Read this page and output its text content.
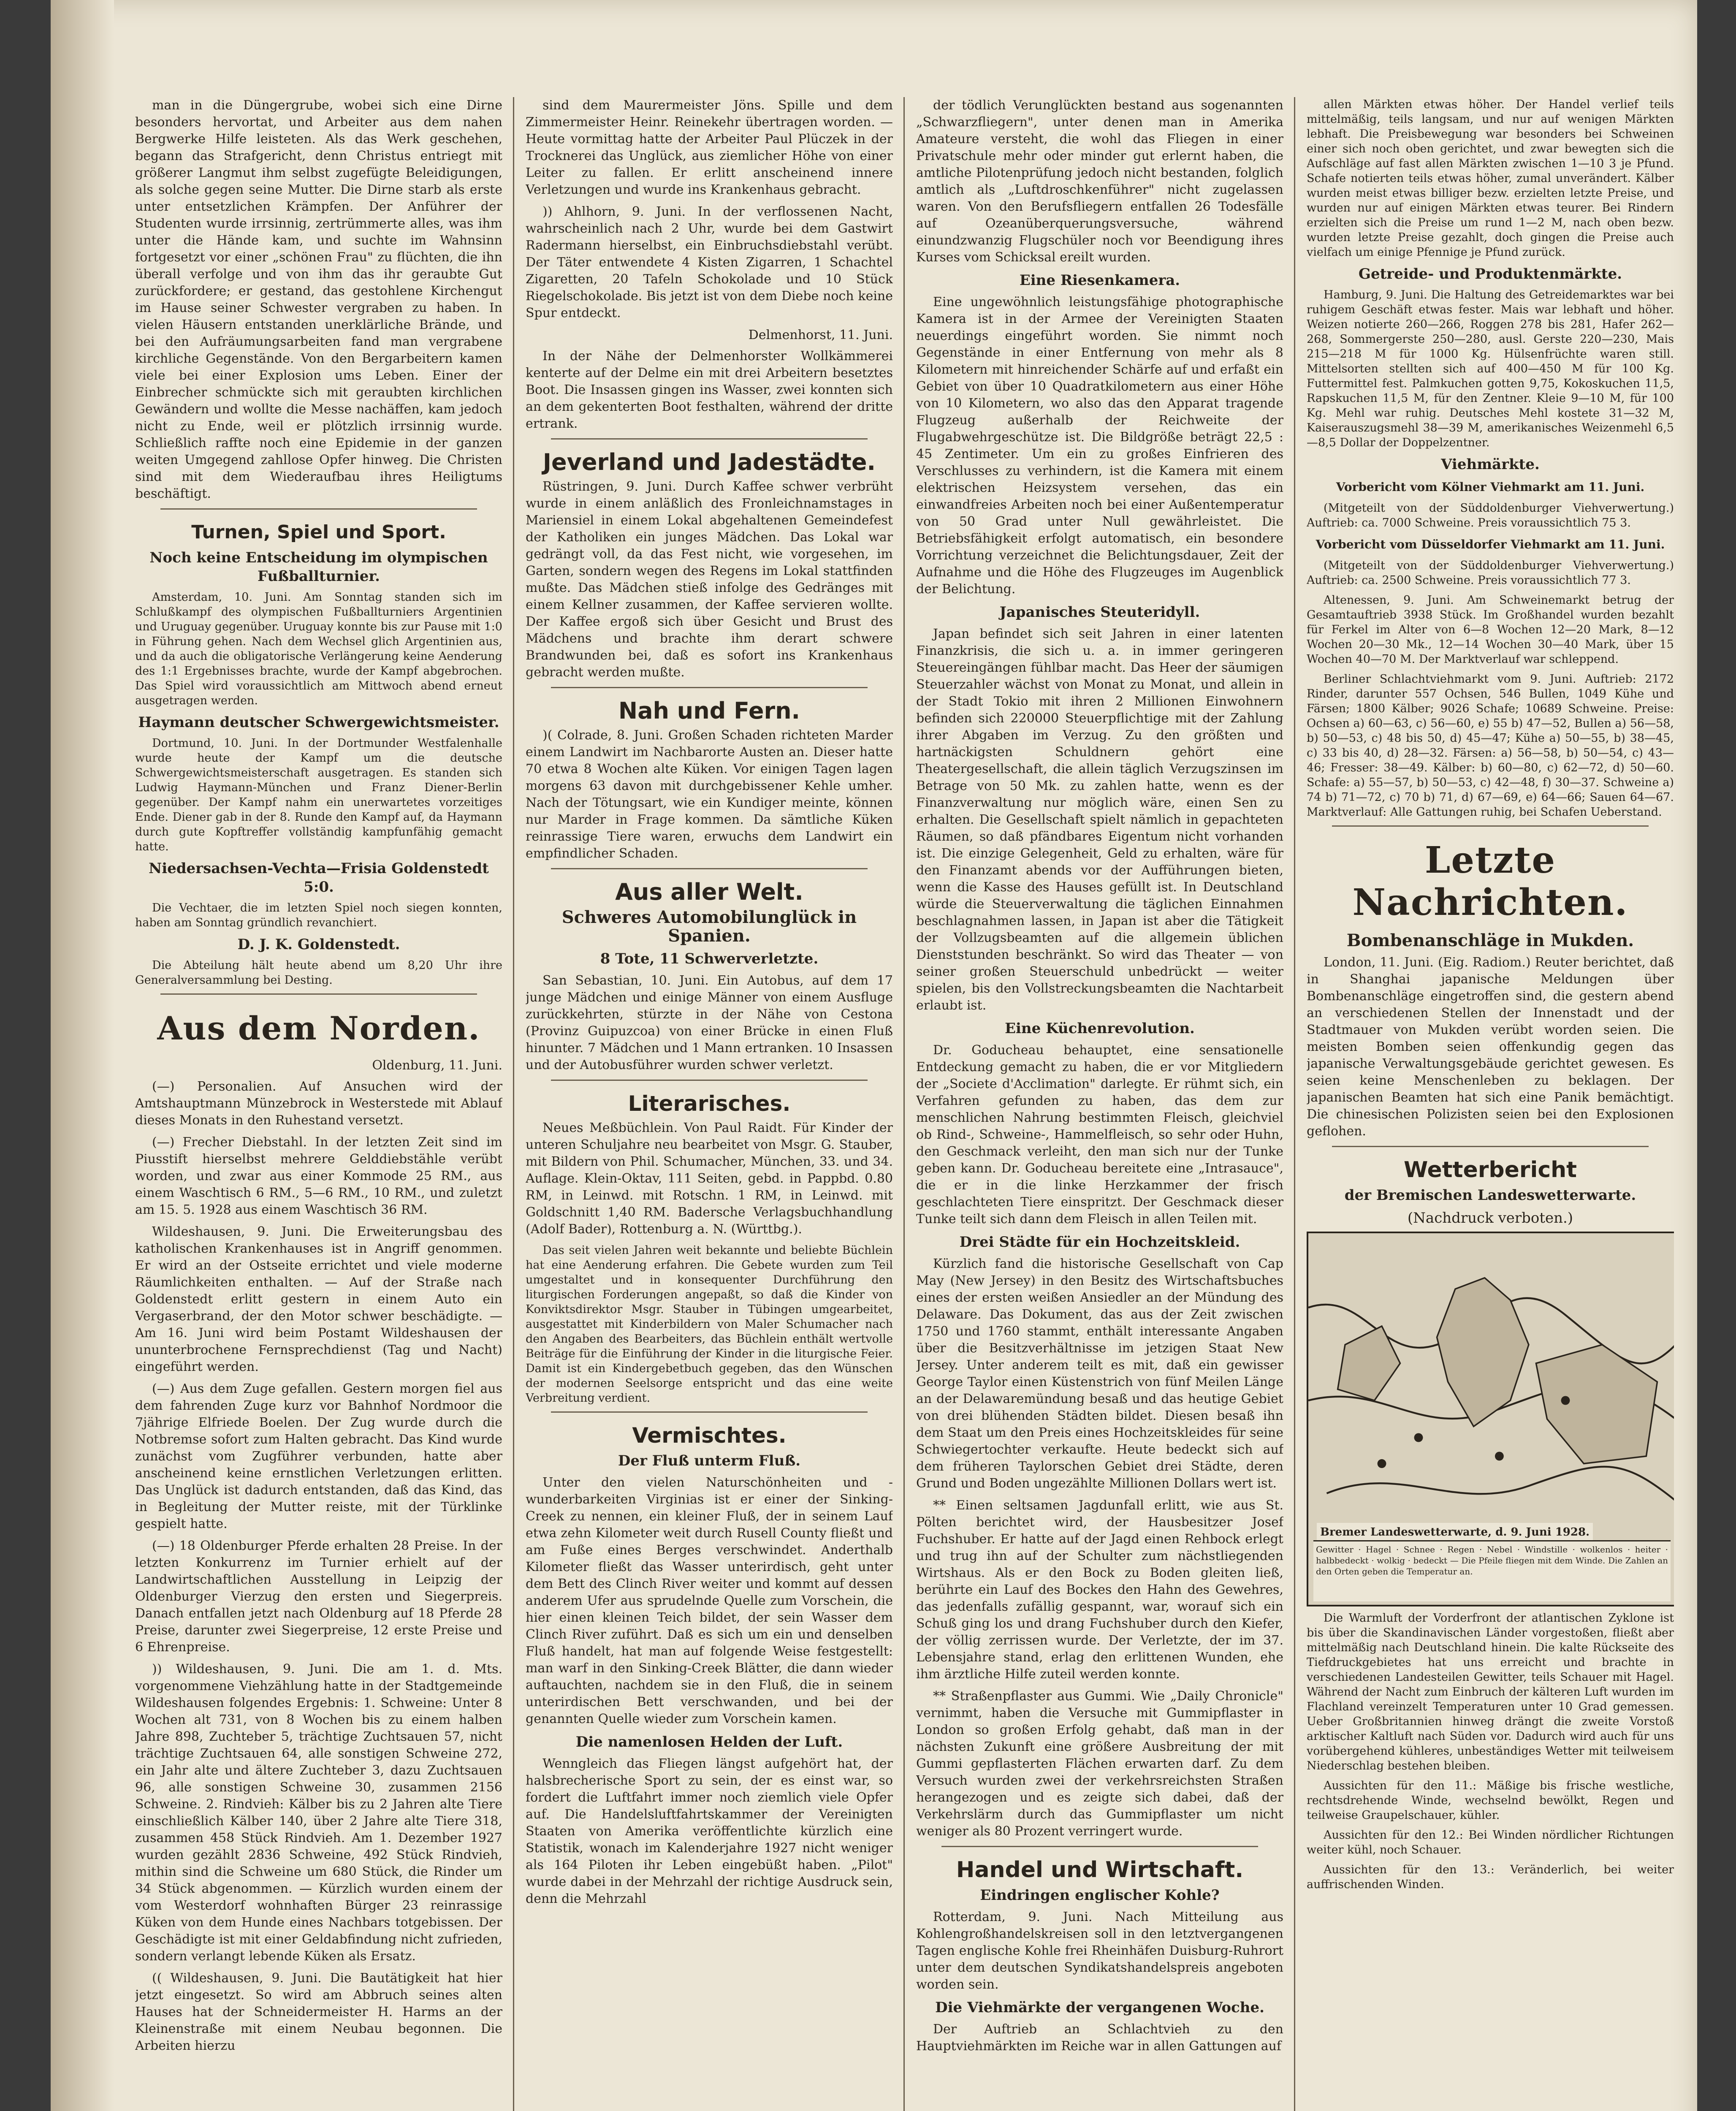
man in die Düngergrube, wobei sich eine Dirne besonders hervortat, und Arbeiter aus dem nahen Bergwerke Hilfe leisteten. Als das Werk geschehen, begann das Strafgericht, denn Christus entriegt mit größerer Langmut ihm selbst zugefügte Beleidigungen, als solche gegen seine Mutter. Die Dirne starb als erste unter entsetzlichen Krämpfen. Der Anführer der Studenten wurde irrsinnig, zertrümmerte alles, was ihm unter die Hände kam, und suchte im Wahnsinn fortgesetzt vor einer „schönen Frau" zu flüchten, die ihn überall verfolge und von ihm das ihr geraubte Gut zurückfordere; er gestand, das gestohlene Kirchengut im Hause seiner Schwester vergraben zu haben. In vielen Häusern entstanden unerklärliche Brände, und bei den Aufräumungsarbeiten fand man vergrabene kirchliche Gegenstände. Von den Bergarbeitern kamen viele bei einer Explosion ums Leben. Einer der Einbrecher schmückte sich mit geraubten kirchlichen Gewändern und wollte die Messe nachäffen, kam jedoch nicht zu Ende, weil er plötzlich irrsinnig wurde. Schließlich raffte noch eine Epidemie in der ganzen weiten Umgegend zahllose Opfer hinweg. Die Christen sind mit dem Wiederaufbau ihres Heiligtums beschäftigt.

Turnen, Spiel und Sport.
Noch keine Entscheidung im olympischen Fußballturnier.

Amsterdam, 10. Juni. Am Sonntag standen sich im Schlußkampf des olympischen Fußballturniers Argentinien und Uruguay gegenüber. Uruguay konnte bis zur Pause mit 1:0 in Führung gehen. Nach dem Wechsel glich Argentinien aus, und da auch die obligatorische Verlängerung keine Aenderung des 1:1 Ergebnisses brachte, wurde der Kampf abgebrochen. Das Spiel wird voraussichtlich am Mittwoch abend erneut ausgetragen werden.

Haymann deutscher Schwergewichtsmeister.

Dortmund, 10. Juni. In der Dortmunder Westfalenhalle wurde heute der Kampf um die deutsche Schwergewichtsmeisterschaft ausgetragen. Es standen sich Ludwig Haymann-München und Franz Diener-Berlin gegenüber. Der Kampf nahm ein unerwartetes vorzeitiges Ende. Diener gab in der 8. Runde den Kampf auf, da Haymann durch gute Kopftreffer vollständig kampfunfähig gemacht hatte.

Niedersachsen-Vechta—Frisia Goldenstedt 5:0.

Die Vechtaer, die im letzten Spiel noch siegen konnten, haben am Sonntag gründlich revanchiert.

D. J. K. Goldenstedt.

Die Abteilung hält heute abend um 8,20 Uhr ihre Generalversammlung bei Desting.

Aus dem Norden.
Oldenburg, 11. Juni.

(—) Personalien. Auf Ansuchen wird der Amtshauptmann Münzebrock in Westerstede mit Ablauf dieses Monats in den Ruhestand versetzt.

(—) Frecher Diebstahl. In der letzten Zeit sind im Piusstift hierselbst mehrere Gelddiebstähle verübt worden, und zwar aus einer Kommode 25 RM., aus einem Waschtisch 6 RM., 5—6 RM., 10 RM., und zuletzt am 15. 5. 1928 aus einem Waschtisch 36 RM.

Wildeshausen, 9. Juni. Die Erweiterungsbau des katholischen Krankenhauses ist in Angriff genommen. Er wird an der Ostseite errichtet und viele moderne Räumlichkeiten enthalten. — Auf der Straße nach Goldenstedt erlitt gestern in einem Auto ein Vergaserbrand, der den Motor schwer beschädigte. — Am 16. Juni wird beim Postamt Wildeshausen der ununterbrochene Fernsprechdienst (Tag und Nacht) eingeführt werden.

(—) Aus dem Zuge gefallen. Gestern morgen fiel aus dem fahrenden Zuge kurz vor Bahnhof Nordmoor die 7jährige Elfriede Boelen. Der Zug wurde durch die Notbremse sofort zum Halten gebracht. Das Kind wurde zunächst vom Zugführer verbunden, hatte aber anscheinend keine ernstlichen Verletzungen erlitten. Das Unglück ist dadurch entstanden, daß das Kind, das in Begleitung der Mutter reiste, mit der Türklinke gespielt hatte.

(—) 18 Oldenburger Pferde erhalten 28 Preise. In der letzten Konkurrenz im Turnier erhielt auf der Landwirtschaftlichen Ausstellung in Leipzig der Oldenburger Vierzug den ersten und Siegerpreis. Danach entfallen jetzt nach Oldenburg auf 18 Pferde 28 Preise, darunter zwei Siegerpreise, 12 erste Preise und 6 Ehrenpreise.

)) Wildeshausen, 9. Juni. Die am 1. d. Mts. vorgenommene Viehzählung hatte in der Stadtgemeinde Wildeshausen folgendes Ergebnis: 1. Schweine: Unter 8 Wochen alt 731, von 8 Wochen bis zu einem halben Jahre 898, Zuchteber 5, trächtige Zuchtsauen 57, nicht trächtige Zuchtsauen 64, alle sonstigen Schweine 272, ein Jahr alte und ältere Zuchteber 3, dazu Zuchtsauen 96, alle sonstigen Schweine 30, zusammen 2156 Schweine. 2. Rindvieh: Kälber bis zu 2 Jahren alte Tiere einschließlich Kälber 140, über 2 Jahre alte Tiere 318, zusammen 458 Stück Rindvieh. Am 1. Dezember 1927 wurden gezählt 2836 Schweine, 492 Stück Rindvieh, mithin sind die Schweine um 680 Stück, die Rinder um 34 Stück abgenommen. — Kürzlich wurden einem der vom Westerdorf wohnhaften Bürger 23 reinrassige Küken von dem Hunde eines Nachbars totgebissen. Der Geschädigte ist mit einer Geldabfindung nicht zufrieden, sondern verlangt lebende Küken als Ersatz.

(( Wildeshausen, 9. Juni. Die Bautätigkeit hat hier jetzt eingesetzt. So wird am Abbruch seines alten Hauses hat der Schneidermeister H. Harms an der Kleinenstraße mit einem Neubau begonnen. Die Arbeiten hierzu

sind dem Maurermeister Jöns. Spille und dem Zimmermeister Heinr. Reinekehr übertragen worden. — Heute vormittag hatte der Arbeiter Paul Plüczek in der Trocknerei das Unglück, aus ziemlicher Höhe von einer Leiter zu fallen. Er erlitt anscheinend innere Verletzungen und wurde ins Krankenhaus gebracht.

)) Ahlhorn, 9. Juni. In der verflossenen Nacht, wahrscheinlich nach 2 Uhr, wurde bei dem Gastwirt Radermann hierselbst, ein Einbruchsdiebstahl verübt. Der Täter entwendete 4 Kisten Zigarren, 1 Schachtel Zigaretten, 20 Tafeln Schokolade und 10 Stück Riegelschokolade. Bis jetzt ist von dem Diebe noch keine Spur entdeckt.

Delmenhorst, 11. Juni.

In der Nähe der Delmenhorster Wollkämmerei kenterte auf der Delme ein mit drei Arbeitern besetztes Boot. Die Insassen gingen ins Wasser, zwei konnten sich an dem gekenterten Boot festhalten, während der dritte ertrank.

Jeverland und Jadestädte.

Rüstringen, 9. Juni. Durch Kaffee schwer verbrüht wurde in einem anläßlich des Fronleichnamstages in Mariensiel in einem Lokal abgehaltenen Gemeindefest der Katholiken ein junges Mädchen. Das Lokal war gedrängt voll, da das Fest nicht, wie vorgesehen, im Garten, sondern wegen des Regens im Lokal stattfinden mußte. Das Mädchen stieß infolge des Gedränges mit einem Kellner zusammen, der Kaffee servieren wollte. Der Kaffee ergoß sich über Gesicht und Brust des Mädchens und brachte ihm derart schwere Brandwunden bei, daß es sofort ins Krankenhaus gebracht werden mußte.

Nah und Fern.

)( Colrade, 8. Juni. Großen Schaden richteten Marder einem Landwirt im Nachbarorte Austen an. Dieser hatte 70 etwa 8 Wochen alte Küken. Vor einigen Tagen lagen morgens 63 davon mit durchgebissener Kehle umher. Nach der Tötungsart, wie ein Kundiger meinte, können nur Marder in Frage kommen. Da sämtliche Küken reinrassige Tiere waren, erwuchs dem Landwirt ein empfindlicher Schaden.

Aus aller Welt.
Schweres Automobilunglück in Spanien.
8 Tote, 11 Schwerverletzte.

San Sebastian, 10. Juni. Ein Autobus, auf dem 17 junge Mädchen und einige Männer von einem Ausfluge zurückkehrten, stürzte in der Nähe von Cestona (Provinz Guipuzcoa) von einer Brücke in einen Fluß hinunter. 7 Mädchen und 1 Mann ertranken. 10 Insassen und der Autobusführer wurden schwer verletzt.

Literarisches.

Neues Meßbüchlein. Von Paul Raidt. Für Kinder der unteren Schuljahre neu bearbeitet von Msgr. G. Stauber, mit Bildern von Phil. Schumacher, München, 33. und 34. Auflage. Klein-Oktav, 111 Seiten, gebd. in Pappbd. 0.80 RM, in Leinwd. mit Rotschn. 1 RM, in Leinwd. mit Goldschnitt 1,40 RM. Badersche Verlagsbuchhandlung (Adolf Bader), Rottenburg a. N. (Württbg.).

Das seit vielen Jahren weit bekannte und beliebte Büchlein hat eine Aenderung erfahren. Die Gebete wurden zum Teil umgestaltet und in konsequenter Durchführung den liturgischen Forderungen angepaßt, so daß die Kinder von Konviktsdirektor Msgr. Stauber in Tübingen umgearbeitet, ausgestattet mit Kinderbildern von Maler Schumacher nach den Angaben des Bearbeiters, das Büchlein enthält wertvolle Beiträge für die Einführung der Kinder in die liturgische Feier. Damit ist ein Kindergebetbuch gegeben, das den Wünschen der modernen Seelsorge entspricht und das eine weite Verbreitung verdient.

Vermischtes.
Der Fluß unterm Fluß.

Unter den vielen Naturschönheiten und -wunderbarkeiten Virginias ist er einer der Sinking-Creek zu nennen, ein kleiner Fluß, der in seinem Lauf etwa zehn Kilometer weit durch Rusell County fließt und am Fuße eines Berges verschwindet. Anderthalb Kilometer fließt das Wasser unterirdisch, geht unter dem Bett des Clinch River weiter und kommt auf dessen anderem Ufer aus sprudelnde Quelle zum Vorschein, die hier einen kleinen Teich bildet, der sein Wasser dem Clinch River zuführt. Daß es sich um ein und denselben Fluß handelt, hat man auf folgende Weise festgestellt: man warf in den Sinking-Creek Blätter, die dann wieder auftauchten, nachdem sie in den Fluß, die in seinem unterirdischen Bett verschwanden, und bei der genannten Quelle wieder zum Vorschein kamen.

Die namenlosen Helden der Luft.

Wenngleich das Fliegen längst aufgehört hat, der halsbrecherische Sport zu sein, der es einst war, so fordert die Luftfahrt immer noch ziemlich viele Opfer auf. Die Handelsluftfahrtskammer der Vereinigten Staaten von Amerika veröffentlichte kürzlich eine Statistik, wonach im Kalenderjahre 1927 nicht weniger als 164 Piloten ihr Leben eingebüßt haben. „Pilot" wurde dabei in der Mehrzahl der richtige Ausdruck sein, denn die Mehrzahl

der tödlich Verunglückten bestand aus sogenannten „Schwarzfliegern", unter denen man in Amerika Amateure versteht, die wohl das Fliegen in einer Privatschule mehr oder minder gut erlernt haben, die amtliche Pilotenprüfung jedoch nicht bestanden, folglich amtlich als „Luftdroschkenführer" nicht zugelassen waren. Von den Berufsfliegern entfallen 26 Todesfälle auf Ozeanüberquerungsversuche, während einundzwanzig Flugschüler noch vor Beendigung ihres Kurses vom Schicksal ereilt wurden.

Eine Riesenkamera.

Eine ungewöhnlich leistungsfähige photographische Kamera ist in der Armee der Vereinigten Staaten neuerdings eingeführt worden. Sie nimmt noch Gegenstände in einer Entfernung von mehr als 8 Kilometern mit hinreichender Schärfe auf und erfaßt ein Gebiet von über 10 Quadratkilometern aus einer Höhe von 10 Kilometern, wo also das den Apparat tragende Flugzeug außerhalb der Reichweite der Flugabwehrgeschütze ist. Die Bildgröße beträgt 22,5 : 45 Zentimeter. Um ein zu großes Einfrieren des Verschlusses zu verhindern, ist die Kamera mit einem elektrischen Heizsystem versehen, das ein einwandfreies Arbeiten noch bei einer Außentemperatur von 50 Grad unter Null gewährleistet. Die Betriebsfähigkeit erfolgt automatisch, ein besondere Vorrichtung verzeichnet die Belichtungsdauer, Zeit der Aufnahme und die Höhe des Flugzeuges im Augenblick der Belichtung.

Japanisches Steuteridyll.

Japan befindet sich seit Jahren in einer latenten Finanzkrisis, die sich u. a. in immer geringeren Steuereingängen fühlbar macht. Das Heer der säumigen Steuerzahler wächst von Monat zu Monat, und allein in der Stadt Tokio mit ihren 2 Millionen Einwohnern befinden sich 220000 Steuerpflichtige mit der Zahlung ihrer Abgaben im Verzug. Zu den größten und hartnäckigsten Schuldnern gehört eine Theatergesellschaft, die allein täglich Verzugszinsen im Betrage von 50 Mk. zu zahlen hatte, wenn es der Finanzverwaltung nur möglich wäre, einen Sen zu erhalten. Die Gesellschaft spielt nämlich in gepachteten Räumen, so daß pfändbares Eigentum nicht vorhanden ist. Die einzige Gelegenheit, Geld zu erhalten, wäre für den Finanzamt abends vor der Aufführungen bieten, wenn die Kasse des Hauses gefüllt ist. In Deutschland würde die Steuerverwaltung die täglichen Einnahmen beschlagnahmen lassen, in Japan ist aber die Tätigkeit der Vollzugsbeamten auf die allgemein üblichen Dienststunden beschränkt. So wird das Theater — von seiner großen Steuerschuld unbedrückt — weiter spielen, bis den Vollstreckungsbeamten die Nachtarbeit erlaubt ist.

Eine Küchenrevolution.

Dr. Goducheau behauptet, eine sensationelle Entdeckung gemacht zu haben, die er vor Mitgliedern der „Societe d'Acclimation" darlegte. Er rühmt sich, ein Verfahren gefunden zu haben, das dem zur menschlichen Nahrung bestimmten Fleisch, gleichviel ob Rind-, Schweine-, Hammelfleisch, so sehr oder Huhn, den Geschmack verleiht, den man sich nur der Tunke geben kann. Dr. Goducheau bereitete eine „Intrasauce", die er in die linke Herzkammer der frisch geschlachteten Tiere einspritzt. Der Geschmack dieser Tunke teilt sich dann dem Fleisch in allen Teilen mit.

Drei Städte für ein Hochzeitskleid.

Kürzlich fand die historische Gesellschaft von Cap May (New Jersey) in den Besitz des Wirtschaftsbuches eines der ersten weißen Ansiedler an der Mündung des Delaware. Das Dokument, das aus der Zeit zwischen 1750 und 1760 stammt, enthält interessante Angaben über die Besitzverhältnisse im jetzigen Staat New Jersey. Unter anderem teilt es mit, daß ein gewisser George Taylor einen Küstenstrich von fünf Meilen Länge an der Delawaremündung besaß und das heutige Gebiet von drei blühenden Städten bildet. Diesen besaß ihn dem Staat um den Preis eines Hochzeitskleides für seine Schwiegertochter verkaufte. Heute bedeckt sich auf dem früheren Taylorschen Gebiet drei Städte, deren Grund und Boden ungezählte Millionen Dollars wert ist.

** Einen seltsamen Jagdunfall erlitt, wie aus St. Pölten berichtet wird, der Hausbesitzer Josef Fuchshuber. Er hatte auf der Jagd einen Rehbock erlegt und trug ihn auf der Schulter zum nächstliegenden Wirtshaus. Als er den Bock zu Boden gleiten ließ, berührte ein Lauf des Bockes den Hahn des Gewehres, das jedenfalls zufällig gespannt, war, worauf sich ein Schuß ging los und drang Fuchshuber durch den Kiefer, der völlig zerrissen wurde. Der Verletzte, der im 37. Lebensjahre stand, erlag den erlittenen Wunden, ehe ihm ärztliche Hilfe zuteil werden konnte.

** Straßenpflaster aus Gummi. Wie „Daily Chronicle" vernimmt, haben die Versuche mit Gummipflaster in London so großen Erfolg gehabt, daß man in der nächsten Zukunft eine größere Ausbreitung der mit Gummi gepflasterten Flächen erwarten darf. Zu dem Versuch wurden zwei der verkehrsreichsten Straßen herangezogen und es zeigte sich dabei, daß der Verkehrslärm durch das Gummipflaster um nicht weniger als 80 Prozent verringert wurde.

Handel und Wirtschaft.
Eindringen englischer Kohle?

Rotterdam, 9. Juni. Nach Mitteilung aus Kohlengroßhandelskreisen soll in den letztvergangenen Tagen englische Kohle frei Rheinhäfen Duisburg-Ruhrort unter dem deutschen Syndikatshandelspreis angeboten worden sein.

Die Viehmärkte der vergangenen Woche.

Der Auftrieb an Schlachtvieh zu den Hauptviehmärkten im Reiche war in allen Gattungen auf

allen Märkten etwas höher. Der Handel verlief teils mittelmäßig, teils langsam, und nur auf wenigen Märkten lebhaft. Die Preisbewegung war besonders bei Schweinen einer sich noch oben gerichtet, und zwar bewegten sich die Aufschläge auf fast allen Märkten zwischen 1—10 3 je Pfund. Schafe notierten teils etwas höher, zumal unverändert. Kälber wurden meist etwas billiger bezw. erzielten letzte Preise, und wurden nur auf einigen Märkten etwas teurer. Bei Rindern erzielten sich die Preise um rund 1—2 M, nach oben bezw. wurden letzte Preise gezahlt, doch gingen die Preise auch vielfach um einige Pfennige je Pfund zurück.

Getreide- und Produktenmärkte.

Hamburg, 9. Juni. Die Haltung des Getreidemarktes war bei ruhigem Geschäft etwas fester. Mais war lebhaft und höher. Weizen notierte 260—266, Roggen 278 bis 281, Hafer 262—268, Sommergerste 250—280, ausl. Gerste 220—230, Mais 215—218 M für 1000 Kg. Hülsenfrüchte waren still. Mittelsorten stellten sich auf 400—450 M für 100 Kg. Futtermittel fest. Palmkuchen gotten 9,75, Kokoskuchen 11,5, Rapskuchen 11,5 M, für den Zentner. Kleie 9—10 M, für 100 Kg. Mehl war ruhig. Deutsches Mehl kostete 31—32 M, Kaiserauszugsmehl 38—39 M, amerikanisches Weizenmehl 6,5—8,5 Dollar der Doppelzentner.

Viehmärkte.
Vorbericht vom Kölner Viehmarkt am 11. Juni.

(Mitgeteilt von der Süddoldenburger Viehverwertung.) Auftrieb: ca. 7000 Schweine. Preis voraussichtlich 75 3.

Vorbericht vom Düsseldorfer Viehmarkt am 11. Juni.

(Mitgeteilt von der Süddoldenburger Viehverwertung.) Auftrieb: ca. 2500 Schweine. Preis voraussichtlich 77 3.

Altenessen, 9. Juni. Am Schweinemarkt betrug der Gesamtauftrieb 3938 Stück. Im Großhandel wurden bezahlt für Ferkel im Alter von 6—8 Wochen 12—20 Mark, 8—12 Wochen 20—30 Mk., 12—14 Wochen 30—40 Mark, über 15 Wochen 40—70 M. Der Marktverlauf war schleppend.

Berliner Schlachtviehmarkt vom 9. Juni. Auftrieb: 2172 Rinder, darunter 557 Ochsen, 546 Bullen, 1049 Kühe und Färsen; 1800 Kälber; 9026 Schafe; 10689 Schweine. Preise: Ochsen a) 60—63, c) 56—60, e) 55 b) 47—52, Bullen a) 56—58, b) 50—53, c) 48 bis 50, d) 45—47; Kühe a) 50—55, b) 38—45, c) 33 bis 40, d) 28—32. Färsen: a) 56—58, b) 50—54, c) 43—46; Fresser: 38—49. Kälber: b) 60—80, c) 62—72, d) 50—60. Schafe: a) 55—57, b) 50—53, c) 42—48, f) 30—37. Schweine a) 74 b) 71—72, c) 70 b) 71, d) 67—69, e) 64—66; Sauen 64—67. Marktverlauf: Alle Gattungen ruhig, bei Schafen Ueberstand.

Letzte Nachrichten.
Bombenanschläge in Mukden.

London, 11. Juni. (Eig. Radiom.) Reuter berichtet, daß in Shanghai japanische Meldungen über Bombenanschläge eingetroffen sind, die gestern abend an verschiedenen Stellen der Innenstadt und der Stadtmauer von Mukden verübt worden seien. Die meisten Bomben seien offenkundig gegen das japanische Verwaltungsgebäude gerichtet gewesen. Es seien keine Menschenleben zu beklagen. Der japanischen Beamten hat sich eine Panik bemächtigt. Die chinesischen Polizisten seien bei den Explosionen geflohen.

Wetterbericht
der Bremischen Landeswetterwarte.
(Nachdruck verboten.)
Bremer Landeswetterwarte, d. 9. Juni 1928.
Gewitter · Hagel · Schnee · Regen · Nebel · Windstille · wolkenlos · heiter · halbbedeckt · wolkig · bedeckt — Die Pfeile fliegen mit dem Winde. Die Zahlen an den Orten geben die Temperatur an.

Die Warmluft der Vorderfront der atlantischen Zyklone ist bis über die Skandinavischen Länder vorgestoßen, fließt aber mittelmäßig nach Deutschland hinein. Die kalte Rückseite des Tiefdruckgebietes hat uns erreicht und brachte in verschiedenen Landesteilen Gewitter, teils Schauer mit Hagel. Während der Nacht zum Einbruch der kälteren Luft wurden im Flachland vereinzelt Temperaturen unter 10 Grad gemessen. Ueber Großbritannien hinweg drängt die zweite Vorstoß arktischer Kaltluft nach Süden vor. Dadurch wird auch für uns vorübergehend kühleres, unbeständiges Wetter mit teilweisem Niederschlag bestehen bleiben.

Aussichten für den 11.: Mäßige bis frische westliche, rechtsdrehende Winde, wechselnd bewölkt, Regen und teilweise Graupelschauer, kühler.

Aussichten für den 12.: Bei Winden nördlicher Richtungen weiter kühl, noch Schauer.

Aussichten für den 13.: Veränderlich, bei weiter auffrischenden Winden.
